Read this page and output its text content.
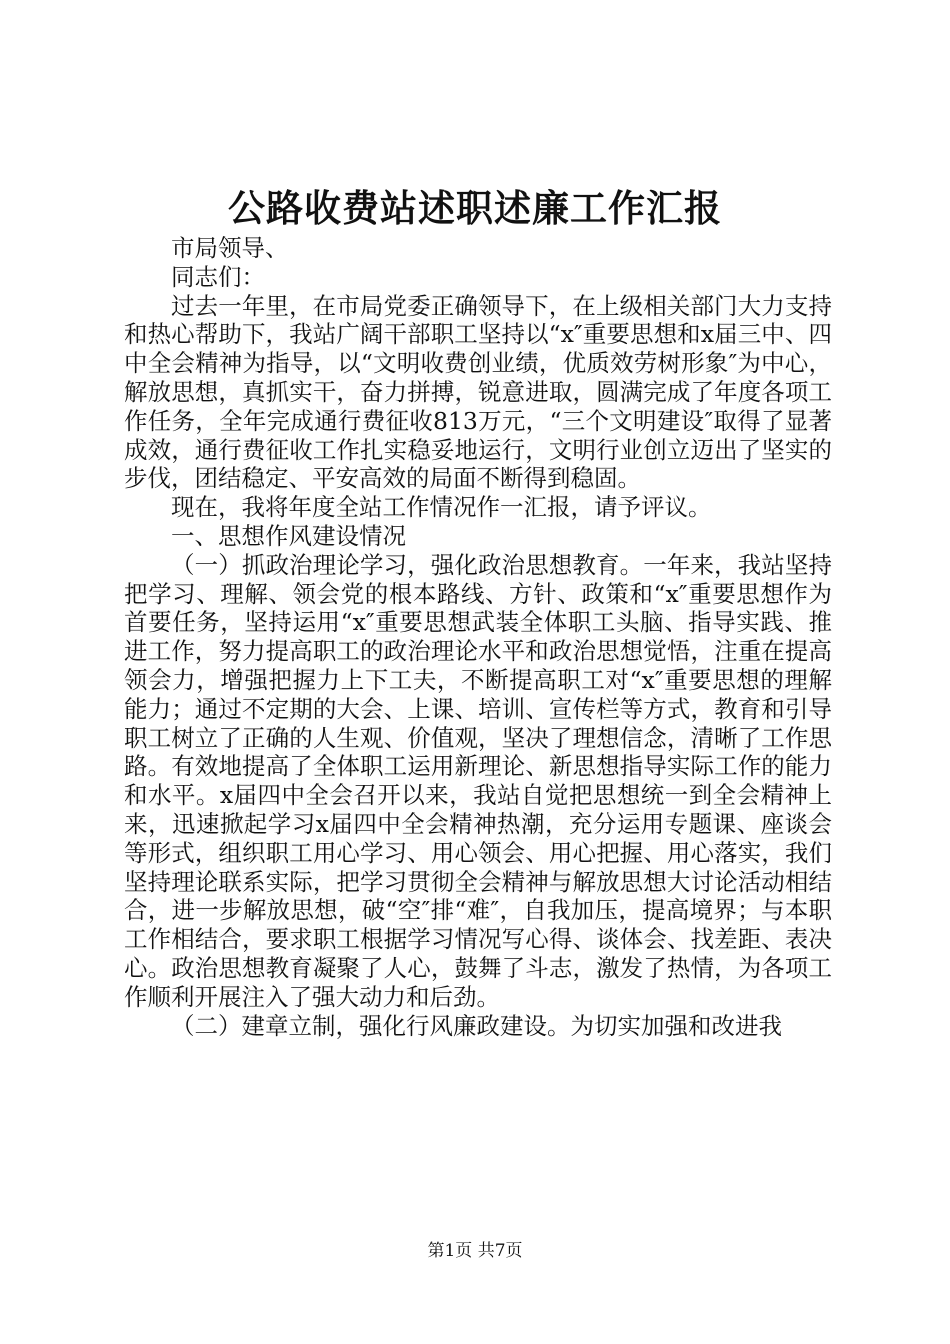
公路收费站述职述廉工作汇报

市局领导、

同志们：

过去一年里，在市局党委正确领导下，在上级相关部门大力支持和热心帮助下，我站广阔干部职工坚持以“x″重要思想和x届三中、四中全会精神为指导，以“文明收费创业绩，优质效劳树形象″为中心，解放思想，真抓实干，奋力拼搏，锐意进取，圆满完成了年度各项工作任务，全年完成通行费征收813万元，“三个文明建设″取得了显著成效，通行费征收工作扎实稳妥地运行，文明行业创立迈出了坚实的步伐，团结稳定、平安高效的局面不断得到稳固。

现在，我将年度全站工作情况作一汇报，请予评议。

一、思想作风建设情况

（一）抓政治理论学习，强化政治思想教育。一年来，我站坚持把学习、理解、领会党的根本路线、方针、政策和“x″重要思想作为首要任务，坚持运用“x″重要思想武装全体职工头脑、指导实践、推进工作，努力提高职工的政治理论水平和政治思想觉悟，注重在提高领会力，增强把握力上下工夫，不断提高职工对“x″重要思想的理解能力；通过不定期的大会、上课、培训、宣传栏等方式，教育和引导职工树立了正确的人生观、价值观，坚决了理想信念，清晰了工作思路。有效地提高了全体职工运用新理论、新思想指导实际工作的能力和水平。x届四中全会召开以来，我站自觉把思想统一到全会精神上来，迅速掀起学习x届四中全会精神热潮，充分运用专题课、座谈会等形式，组织职工用心学习、用心领会、用心把握、用心落实，我们坚持理论联系实际，把学习贯彻全会精神与解放思想大讨论活动相结合，进一步解放思想，破“空″排“难″，自我加压，提高境界；与本职工作相结合，要求职工根据学习情况写心得、谈体会、找差距、表决心。政治思想教育凝聚了人心，鼓舞了斗志，激发了热情，为各项工作顺利开展注入了强大动力和后劲。

（二）建章立制，强化行风廉政建设。为切实加强和改进我

第1页 共7页
